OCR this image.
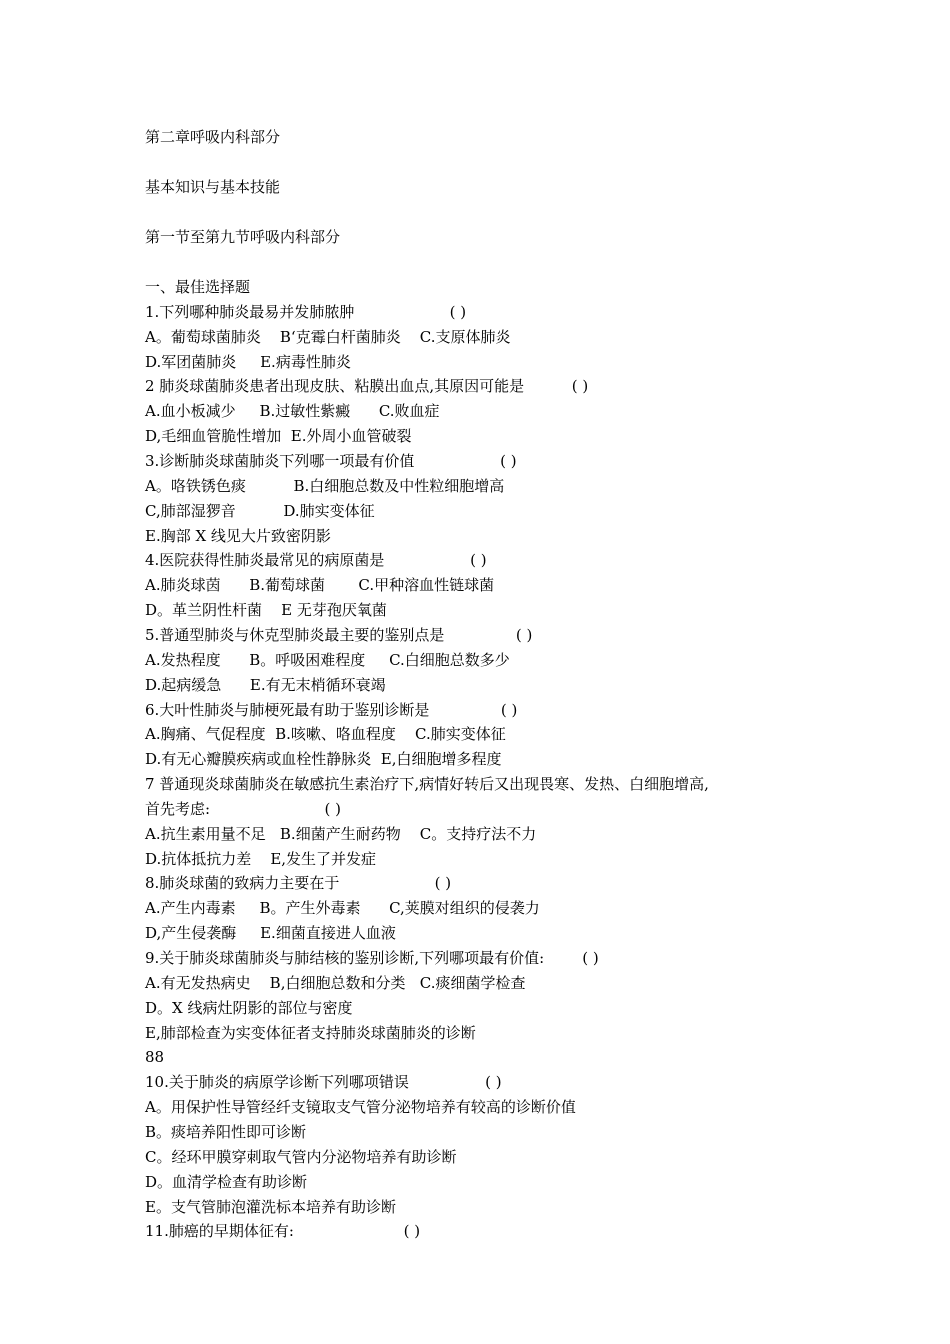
第二章呼吸内科部分
基本知识与基本技能
第一节至第九节呼吸内科部分
一、最佳选择题
1.下列哪种肺炎最易并发肺脓肿                    ( )
A。葡萄球菌肺炎    B‘克霉白杆菌肺炎    C.支原体肺炎
D.军团菌肺炎     E.病毒性肺炎
2 肺炎球菌肺炎患者出现皮肤、粘膜出血点,其原因可能是          ( )
A.血小板减少     B.过敏性紫癜      C.败血症
D,毛细血管脆性增加  E.外周小血管破裂
3.诊断肺炎球菌肺炎下列哪一项最有价值                  ( )
A。咯铁锈色痰          B.白细胞总数及中性粒细胞增高
C,肺部湿猡音          D.肺实变体征
E.胸部 X 线见大片致密阴影
4.医院获得性肺炎最常见的病原菌是                  ( )
A.肺炎球茵      B.葡萄球菌       C.甲种溶血性链球菌
D。革兰阴性杆菌    E 无芽孢厌氧菌
5.普通型肺炎与休克型肺炎最主要的鉴别点是               ( )
A.发热程度      B。呼吸困难程度     C.白细胞总数多少
D.起病缓急      E.有无末梢循环衰竭
6.大叶性肺炎与肺梗死最有助于鉴别诊断是               ( )
A.胸痛、气促程度  B.咳嗽、咯血程度    C.肺实变体征
D.有无心瓣膜疾病或血栓性静脉炎  E,白细胞增多程度
7 普通现炎球菌肺炎在敏感抗生素治疗下,病情好转后又出现畏寒、发热、白细胞增高,
首先考虑:                        ( )
A.抗生素用量不足   B.细菌产生耐药物    C。支持疗法不力
D.抗体抵抗力差    E,发生了并发症
8.肺炎球菌的致病力主要在于                    ( )
A.产生内毒素     B。产生外毒素      C,荚膜对组织的侵袭力
D,产生侵袭酶     E.细菌直接进人血液
9.关于肺炎球菌肺炎与肺结核的鉴别诊断,下列哪项最有价值:        ( )
A.有无发热病史    B,白细胞总数和分类   C.痰细菌学检查
D。X 线病灶阴影的部位与密度
E,肺部检查为实变体征者支持肺炎球菌肺炎的诊断
88
10.关于肺炎的病原学诊断下列哪项错误                ( )
A。用保护性导管经纤支镜取支气管分泌物培养有较高的诊断价值
B。痰培养阳性即可诊断
C。经环甲膜穿刺取气管内分泌物培养有助诊断
D。血清学检查有助诊断
E。支气管肺泡灌洗标本培养有助诊断
11.肺癌的早期体征有:                       ( )
